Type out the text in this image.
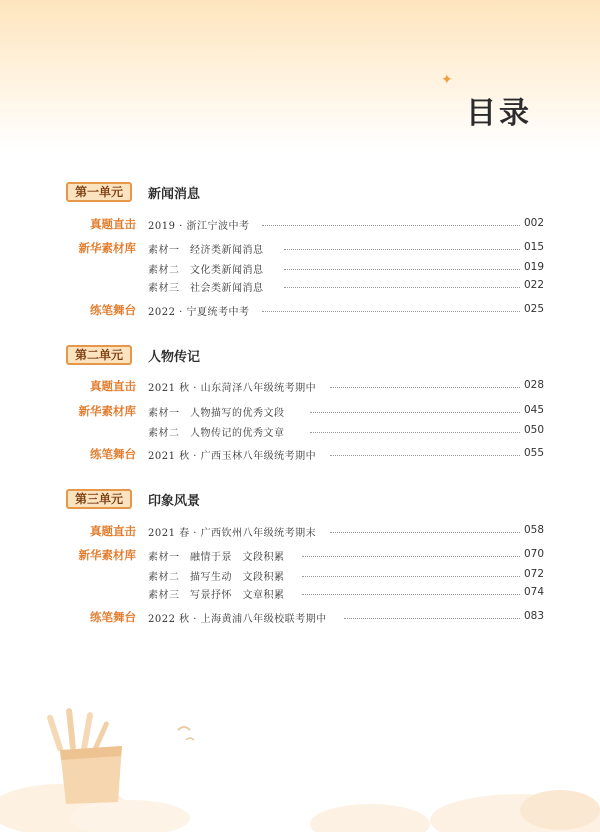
✦
目录
第一单元	新闻消息
真题直击 2019 · 浙江宁波中考	002
新华素材库 素材一　经济类新闻消息	015
素材二　文化类新闻消息	019
素材三　社会类新闻消息	022
练笔舞台 2022 · 宁夏统考中考	025
第二单元	人物传记
真题直击 2021 秋 · 山东菏泽八年级统考期中	028
新华素材库 素材一　人物描写的优秀文段	045
素材二　人物传记的优秀文章	050
练笔舞台 2021 秋 · 广西玉林八年级统考期中	055
第三单元	印象风景
真题直击 2021 春 · 广西钦州八年级统考期末	058
新华素材库 素材一　融情于景　文段积累	070
素材二　描写生动　文段积累	072
素材三　写景抒怀　文章积累	074
练笔舞台 2022 秋 · 上海黄浦八年级校联考期中	083
